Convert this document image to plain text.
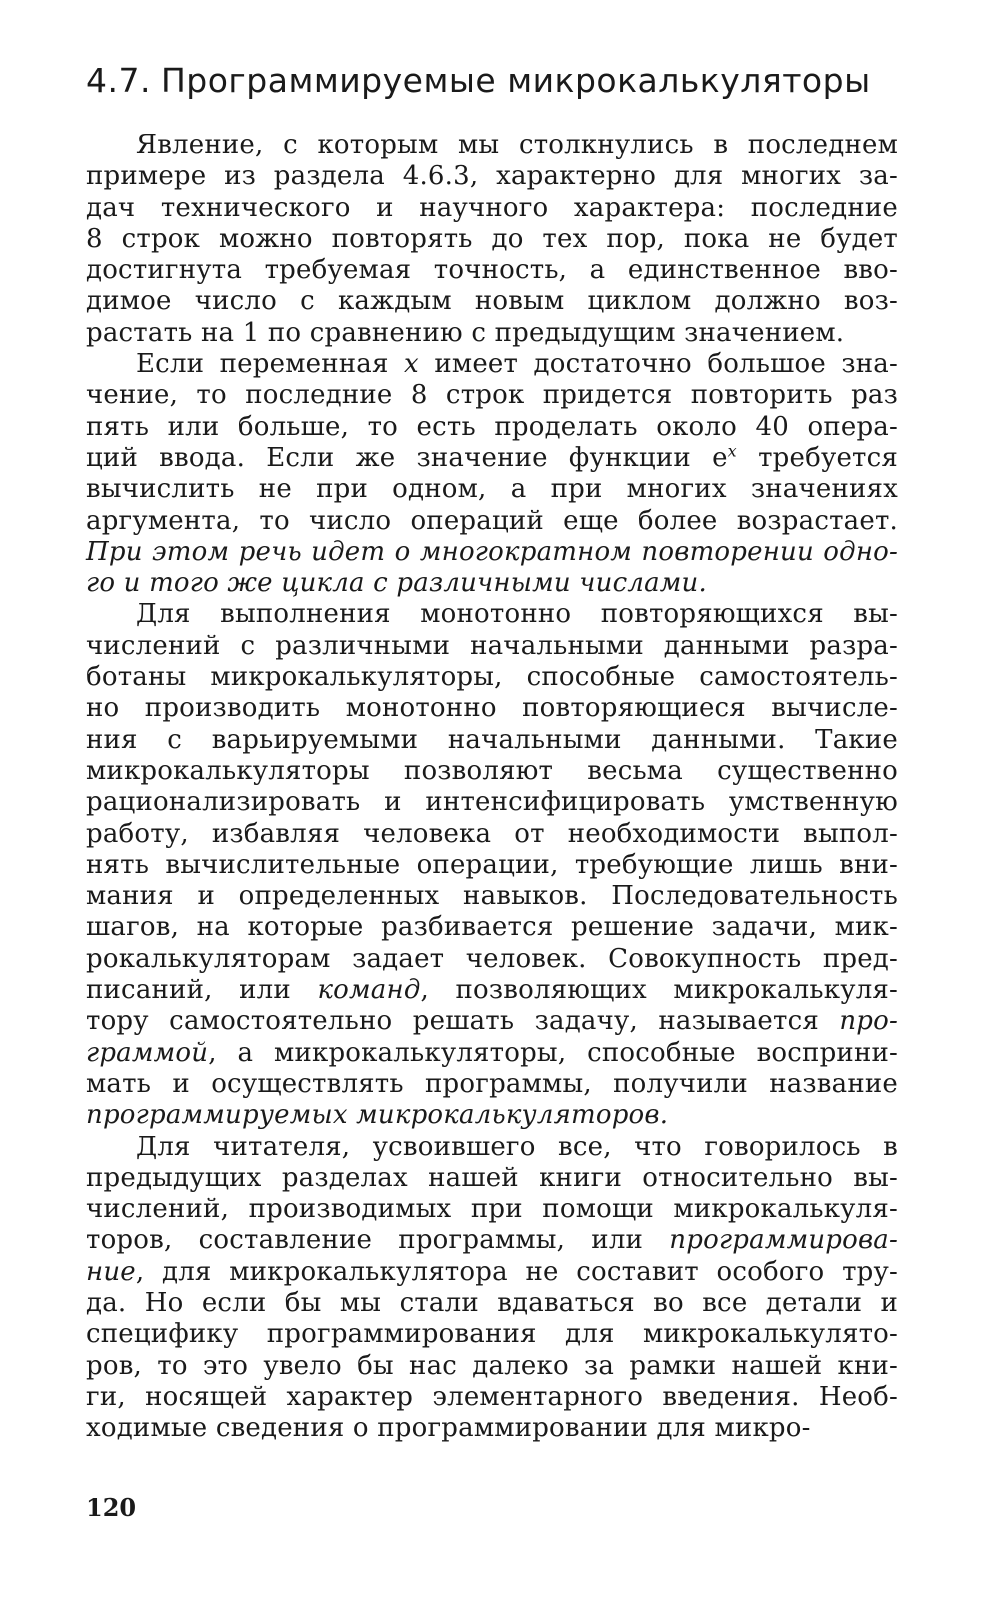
4.7. Программируемые микрокалькуляторы
Явление, с которым мы столкнулись в последнем
примере из раздела 4.6.3, характерно для многих за-
дач технического и научного характера: последние
8 строк можно повторять до тех пор, пока не будет
достигнута требуемая точность, а единственное вво-
димое число с каждым новым циклом должно воз-
растать на 1 по сравнению с предыдущим значением.
Если переменная x имеет достаточно большое зна-
чение, то последние 8 строк придется повторить раз
пять или больше, то есть проделать около 40 опера-
ций ввода. Если же значение функции $e^x$ требуется
вычислить не при одном, а при многих значениях
аргумента, то число операций еще более возрастает.
При этом речь идет о многократном повторении одно-
го и того же цикла с различными числами.
Для выполнения монотонно повторяющихся вы-
числений с различными начальными данными разра-
ботаны микрокалькуляторы, способные самостоятель-
но производить монотонно повторяющиеся вычисле-
ния с варьируемыми начальными данными. Такие
микрокалькуляторы позволяют весьма существенно
рационализировать и интенсифицировать умственную
работу, избавляя человека от необходимости выпол-
нять вычислительные операции, требующие лишь вни-
мания и определенных навыков. Последовательность
шагов, на которые разбивается решение задачи, мик-
рокалькуляторам задает человек. Совокупность пред-
писаний, или команд, позволяющих микрокалькуля-
тору самостоятельно решать задачу, называется про-
граммой, а микрокалькуляторы, способные восприни-
мать и осуществлять программы, получили название
программируемых микрокалькуляторов.
Для читателя, усвоившего все, что говорилось в
предыдущих разделах нашей книги относительно вы-
числений, производимых при помощи микрокалькуля-
торов, составление программы, или программирова-
ние, для микрокалькулятора не составит особого тру-
да. Но если бы мы стали вдаваться во все детали и
специфику программирования для микрокалькулято-
ров, то это увело бы нас далеко за рамки нашей кни-
ги, носящей характер элементарного введения. Необ-
ходимые сведения о программировании для микро-
120
